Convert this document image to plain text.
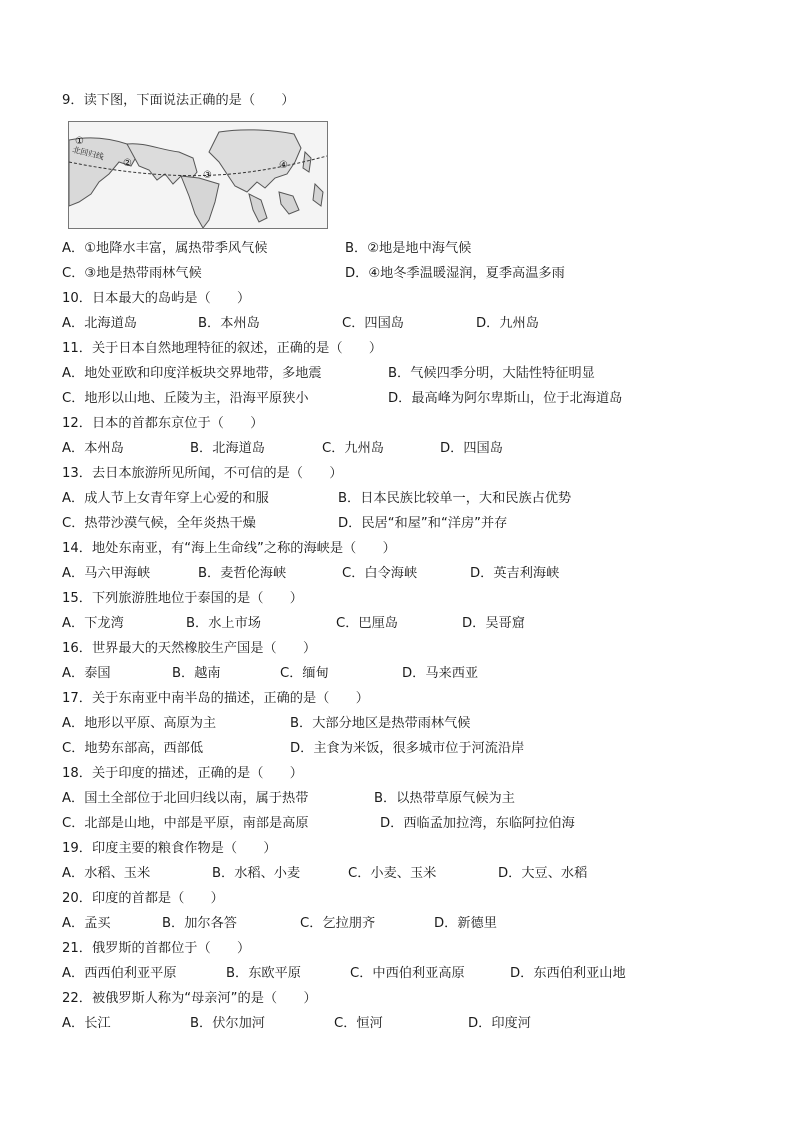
9．读下图，下面说法正确的是（　　）
北回归线
①
②
③
④
A．①地降水丰富，属热带季风气候	B．②地是地中海气候
C．③地是热带雨林气候	D．④地冬季温暖湿润，夏季高温多雨
10．日本最大的岛屿是（　　）
A．北海道岛	B．本州岛	C．四国岛	D．九州岛
11．关于日本自然地理特征的叙述，正确的是（　　）
A．地处亚欧和印度洋板块交界地带，多地震	B．气候四季分明，大陆性特征明显
C．地形以山地、丘陵为主，沿海平原狭小	D．最高峰为阿尔卑斯山，位于北海道岛
12．日本的首都东京位于（　　）
A．本州岛	B．北海道岛	C．九州岛	D．四国岛
13．去日本旅游所见所闻，不可信的是（　　）
A．成人节上女青年穿上心爱的和服	B．日本民族比较单一，大和民族占优势
C．热带沙漠气候，全年炎热干燥	D．民居“和屋”和“洋房”并存
14．地处东南亚，有“海上生命线”之称的海峡是（　　）
A．马六甲海峡	B．麦哲伦海峡	C．白令海峡	D．英吉利海峡
15．下列旅游胜地位于泰国的是（　　）
A．下龙湾	B．水上市场	C．巴厘岛	D．吴哥窟
16．世界最大的天然橡胶生产国是（　　）
A．泰国	B．越南	C．缅甸	D．马来西亚
17．关于东南亚中南半岛的描述，正确的是（　　）
A．地形以平原、高原为主	B．大部分地区是热带雨林气候
C．地势东部高，西部低	D．主食为米饭，很多城市位于河流沿岸
18．关于印度的描述，正确的是（　　）
A．国土全部位于北回归线以南，属于热带	B．以热带草原气候为主
C．北部是山地，中部是平原，南部是高原	D．西临孟加拉湾，东临阿拉伯海
19．印度主要的粮食作物是（　　）
A．水稻、玉米	B．水稻、小麦	C．小麦、玉米	D．大豆、水稻
20．印度的首都是（　　）
A．孟买	B．加尔各答	C．乞拉朋齐	D．新德里
21．俄罗斯的首都位于（　　）
A．西西伯利亚平原	B．东欧平原	C．中西伯利亚高原	D．东西伯利亚山地
22．被俄罗斯人称为“母亲河”的是（　　）
A．长江	B．伏尔加河	C．恒河	D．印度河
